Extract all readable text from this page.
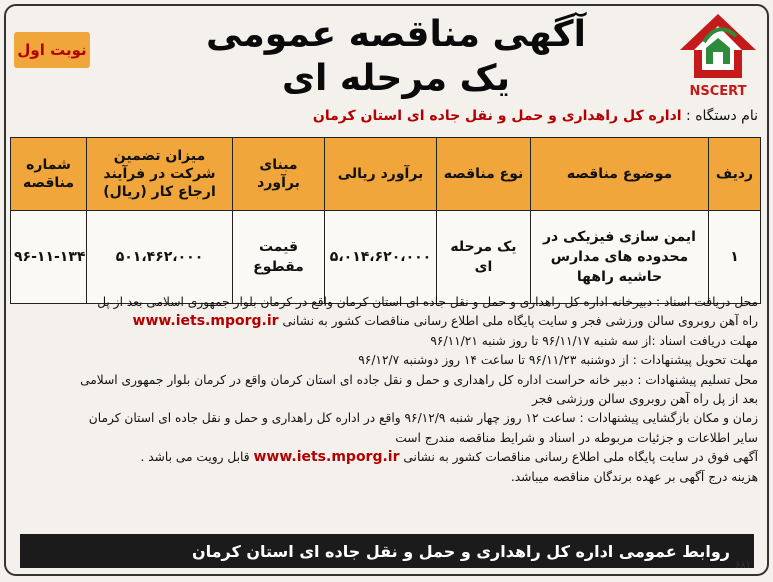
نوبت اول	آگهی مناقصه عمومی
یک مرحله ای	NSCERT
نام دستگاه : اداره کل راهداری و حمل و نقل جاده ای استان کرمان
ردیف	موضوع مناقصه	نوع مناقصه	برآورد ریالی	مبنای برآورد	میزان تضمین شرکت در فرآیند ارجاع کار (ریال)	شماره مناقصه
۱	ایمن سازی فیزیکی در محدوده های مدارس حاشیه راهها	یک مرحله ای	۵،۰۱۴،۶۲۰،۰۰۰	قیمت مقطوع	۵۰۱،۴۶۲،۰۰۰	۹۶-۱۱-۱۳۴

محل دریافت اسناد : دبیرخانه اداره کل راهداری و حمل و نقل جاده ای استان کرمان واقع در کرمان بلوار جمهوری اسلامی بعد از پل

راه آهن روبروی سالن ورزشی فجر و سایت پایگاه ملی اطلاع رسانی مناقصات کشور به نشانی www.iets.mporg.ir

مهلت دریافت اسناد :از سه شنبه ۹۶/۱۱/۱۷ تا روز شنبه ۹۶/۱۱/۲۱

مهلت تحویل پیشنهادات : از دوشنبه ۹۶/۱۱/۲۳ تا ساعت ۱۴ روز دوشنبه ۹۶/۱۲/۷

محل تسلیم پیشنهادات : دبیر خانه حراست اداره کل راهداری و حمل و نقل جاده ای استان کرمان واقع در کرمان بلوار جمهوری اسلامی

بعد از پل راه آهن روبروی سالن ورزشی فجر

زمان و مکان بازگشایی پیشنهادات : ساعت ۱۲ روز چهار شنبه ۹۶/۱۲/۹ واقع در اداره کل راهداری و حمل و نقل جاده ای استان کرمان

سایر اطلاعات و جزئیات مربوطه در اسناد و شرایط مناقصه مندرج است

آگهی فوق در سایت پایگاه ملی اطلاع رسانی مناقصات کشور به نشانی www.iets.mporg.ir قابل رویت می باشد .

هزینه درج آگهی بر عهده برندگان مناقصه میباشد.

روابط عمومی اداره کل راهداری و حمل و نقل جاده ای استان کرمان
۶۸۱
